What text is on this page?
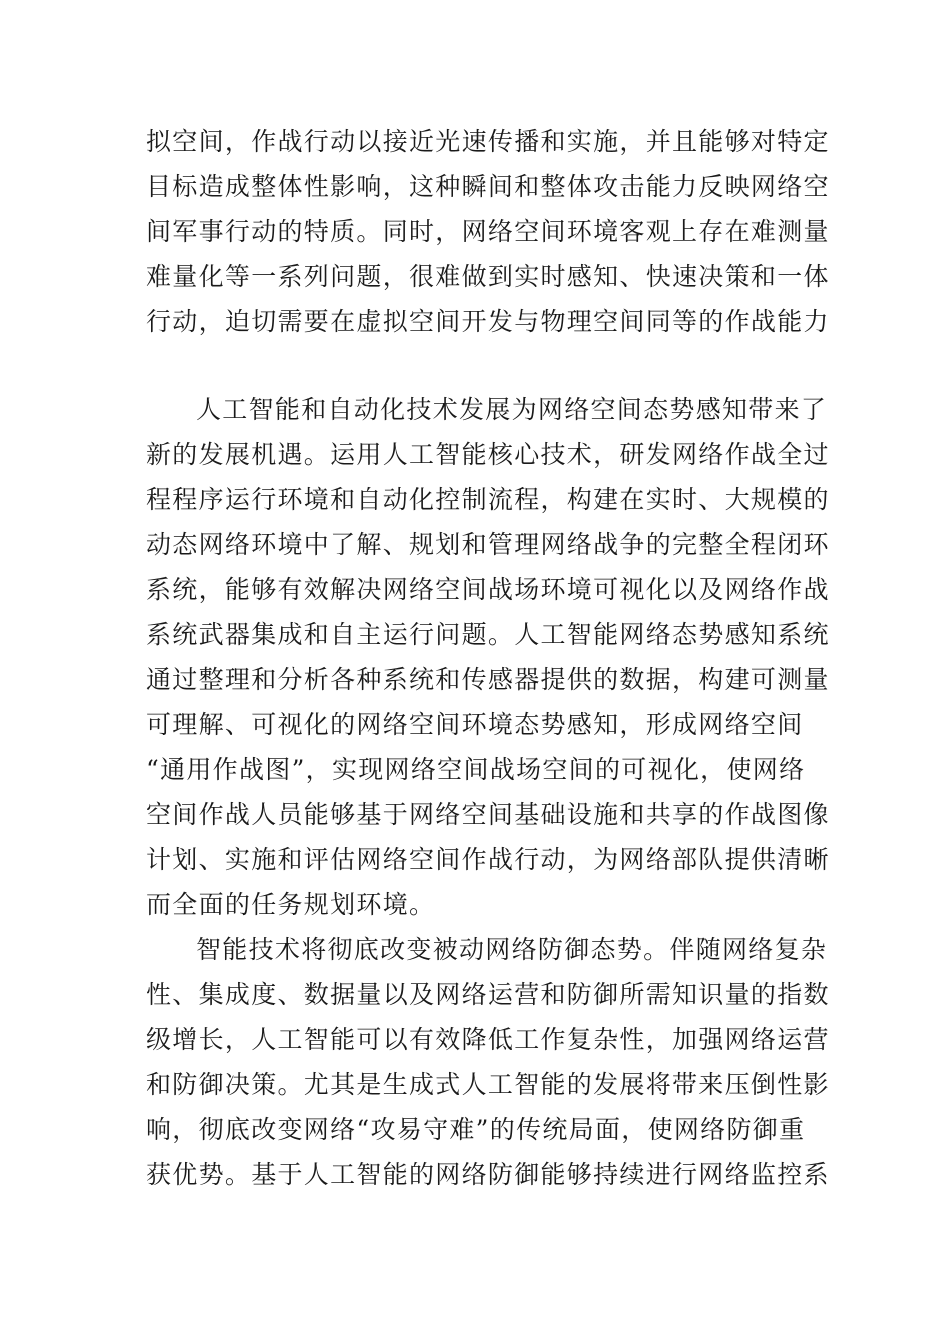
拟空间，作战行动以接近光速传播和实施，并且能够对特定
目标造成整体性影响，这种瞬间和整体攻击能力反映网络空
间军事行动的特质。同时，网络空间环境客观上存在难测量
难量化等一系列问题，很难做到实时感知、快速决策和一体
行动，迫切需要在虚拟空间开发与物理空间同等的作战能力
人工智能和自动化技术发展为网络空间态势感知带来了
新的发展机遇。运用人工智能核心技术，研发网络作战全过
程程序运行环境和自动化控制流程，构建在实时、大规模的
动态网络环境中了解、规划和管理网络战争的完整全程闭环
系统，能够有效解决网络空间战场环境可视化以及网络作战
系统武器集成和自主运行问题。人工智能网络态势感知系统
通过整理和分析各种系统和传感器提供的数据，构建可测量
可理解、可视化的网络空间环境态势感知，形成网络空间
“通用作战图”，实现网络空间战场空间的可视化，使网络
空间作战人员能够基于网络空间基础设施和共享的作战图像
计划、实施和评估网络空间作战行动，为网络部队提供清晰
而全面的任务规划环境。
智能技术将彻底改变被动网络防御态势。伴随网络复杂
性、集成度、数据量以及网络运营和防御所需知识量的指数
级增长，人工智能可以有效降低工作复杂性，加强网络运营
和防御决策。尤其是生成式人工智能的发展将带来压倒性影
响，彻底改变网络“攻易守难”的传统局面，使网络防御重
获优势。基于人工智能的网络防御能够持续进行网络监控系
